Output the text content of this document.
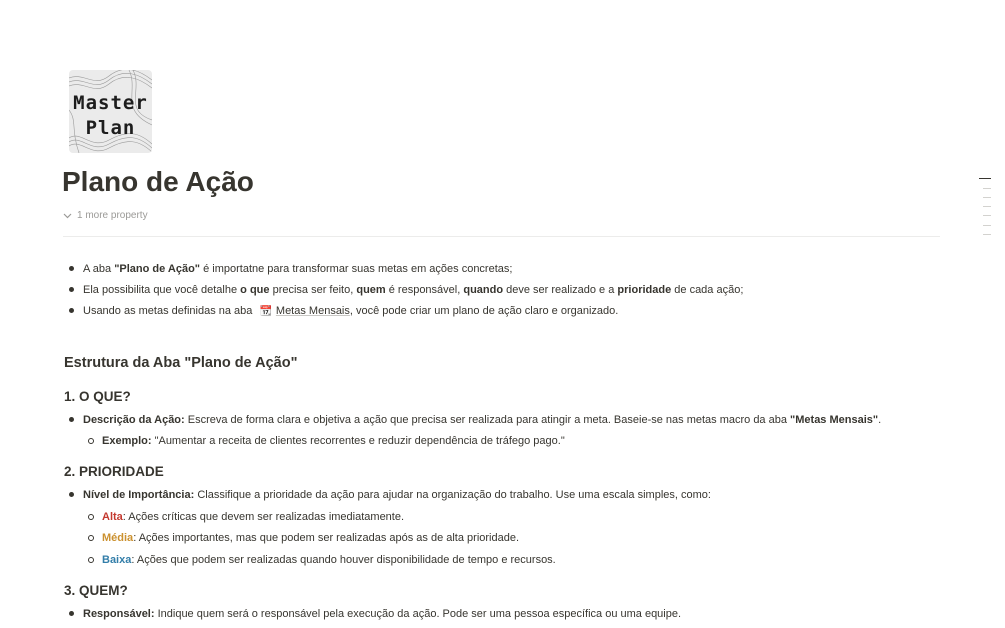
Master
Plan
Plano de Ação
1 more property
A aba "Plano de Ação" é importatne para transformar suas metas em ações concretas;
Ela possibilita que você detalhe o que precisa ser feito, quem é responsável, quando deve ser realizado e a prioridade de cada ação;
Usando as metas definidas na aba 📆 Metas Mensais, você pode criar um plano de ação claro e organizado.
Estrutura da Aba "Plano de Ação"
1. O QUE?
Descrição da Ação: Escreva de forma clara e objetiva a ação que precisa ser realizada para atingir a meta. Baseie-se nas metas macro da aba "Metas Mensais".
Exemplo: "Aumentar a receita de clientes recorrentes e reduzir dependência de tráfego pago."
2. PRIORIDADE
Nível de Importância: Classifique a prioridade da ação para ajudar na organização do trabalho. Use uma escala simples, como:
Alta: Ações críticas que devem ser realizadas imediatamente.
Média: Ações importantes, mas que podem ser realizadas após as de alta prioridade.
Baixa: Ações que podem ser realizadas quando houver disponibilidade de tempo e recursos.
3. QUEM?
Responsável: Indique quem será o responsável pela execução da ação. Pode ser uma pessoa específica ou uma equipe.
